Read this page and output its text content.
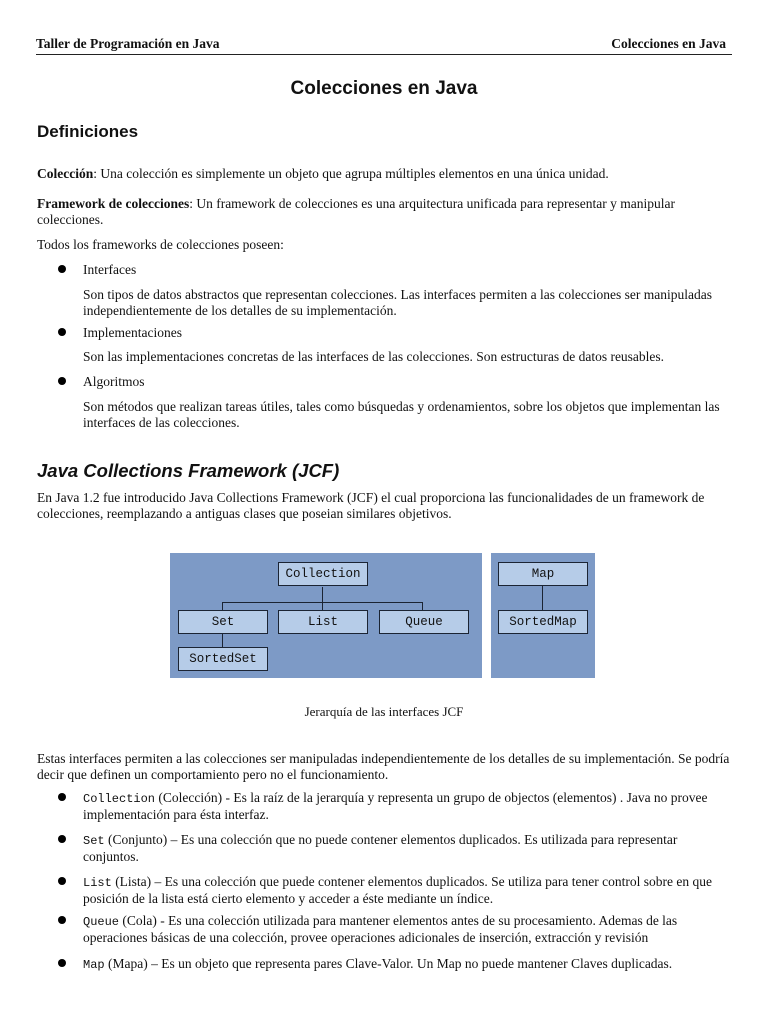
Taller de Programación en Java	Colecciones en Java
Colecciones en Java
Definiciones
Colección: Una colección es simplemente un objeto que agrupa múltiples elementos en una única unidad.
Framework de colecciones: Un framework de colecciones es una arquitectura unificada para representar y manipular colecciones.
Todos los frameworks de colecciones poseen:
Interfaces
Son tipos de datos abstractos que representan colecciones. Las interfaces permiten a las colecciones ser manipuladas independientemente de los detalles de su implementación.
Implementaciones
Son las implementaciones concretas de las interfaces de las colecciones. Son estructuras de datos reusables.
Algoritmos
Son métodos que realizan tareas útiles, tales como búsquedas y ordenamientos, sobre los objetos que implementan las interfaces de las colecciones.
Java Collections Framework (JCF)
En Java 1.2 fue introducido Java Collections Framework (JCF) el cual proporciona las funcionalidades de un framework de colecciones, reemplazando a antiguas clases que poseian similares objetivos.
Collection
Set	List	Queue
SortedSet
Map
SortedMap
Jerarquía de las interfaces JCF
Estas interfaces permiten a las colecciones ser manipuladas independientemente de los detalles de su implementación. Se podría decir que definen un comportamiento pero no el funcionamiento.
Collection (Colección) - Es la raíz de la jerarquía y representa un grupo de objectos (elementos) . Java no provee implementación para ésta interfaz.
Set (Conjunto) – Es una colección que no puede contener elementos duplicados. Es utilizada para representar conjuntos.
List (Lista) – Es una colección que puede contener elementos duplicados. Se utiliza para tener control sobre en que posición de la lista está cierto elemento y acceder a éste mediante un índice.
Queue (Cola) - Es una colección utilizada para mantener elementos antes de su procesamiento. Ademas de las operaciones básicas de una colección, provee operaciones adicionales de inserción, extracción y revisión
Map (Mapa) – Es un objeto que representa pares Clave-Valor. Un Map no puede mantener Claves duplicadas.
